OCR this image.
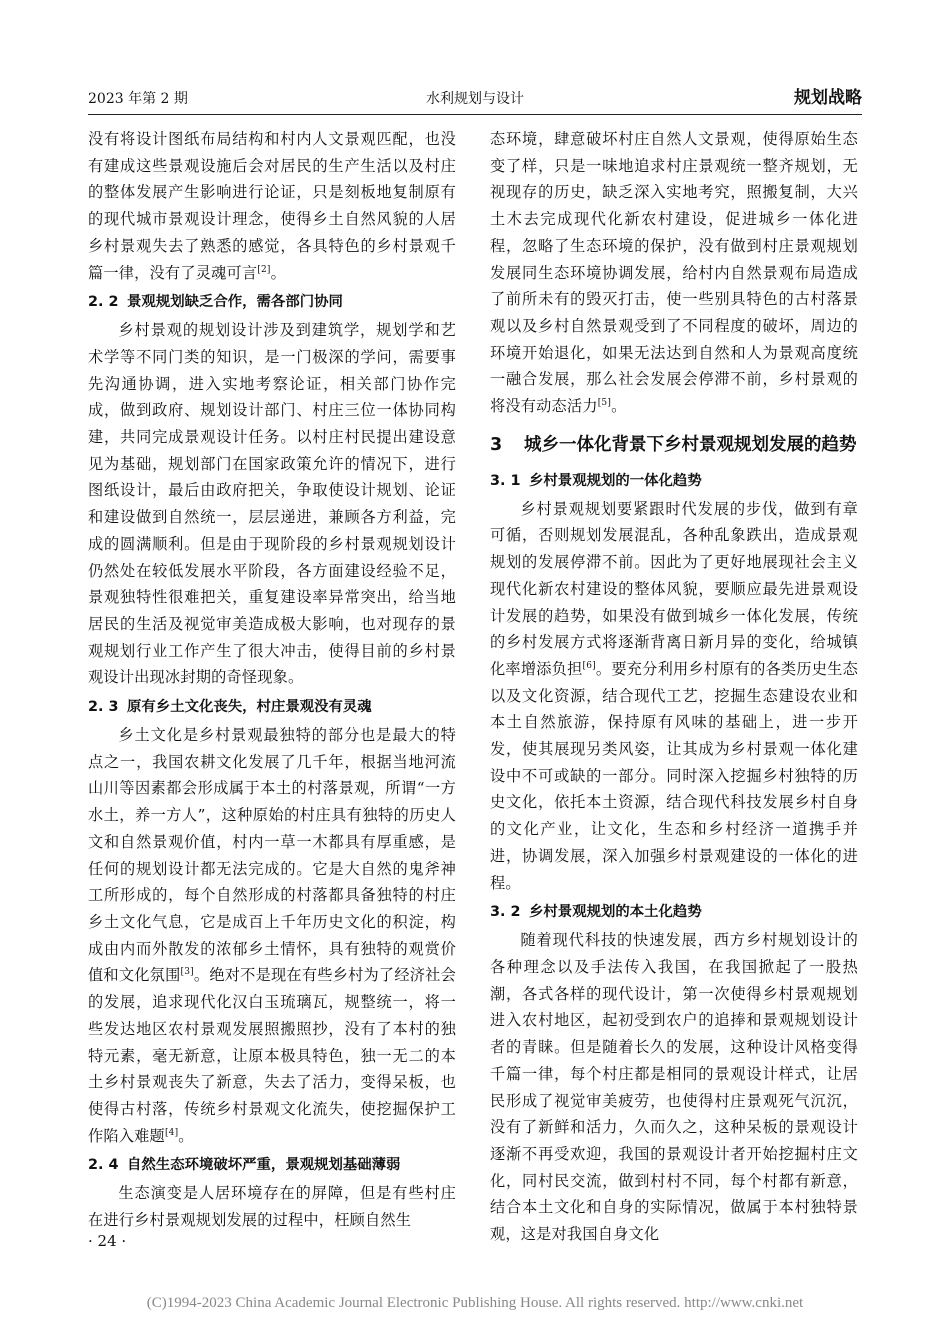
2023 年第 2 期	水利规划与设计	规划战略

没有将设计图纸布局结构和村内人文景观匹配，也没有建成这些景观设施后会对居民的生产生活以及村庄的整体发展产生影响进行论证，只是刻板地复制原有的现代城市景观设计理念，使得乡土自然风貌的人居乡村景观失去了熟悉的感觉，各具特色的乡村景观千篇一律，没有了灵魂可言[2]。

2. 2 景观规划缺乏合作，需各部门协同

乡村景观的规划设计涉及到建筑学，规划学和艺术学等不同门类的知识，是一门极深的学问，需要事先沟通协调，进入实地考察论证，相关部门协作完成，做到政府、规划设计部门、村庄三位一体协同构建，共同完成景观设计任务。以村庄村民提出建设意见为基础，规划部门在国家政策允许的情况下，进行图纸设计，最后由政府把关，争取使设计规划、论证和建设做到自然统一，层层递进，兼顾各方利益，完成的圆满顺利。但是由于现阶段的乡村景观规划设计仍然处在较低发展水平阶段，各方面建设经验不足，景观独特性很难把关，重复建设率异常突出，给当地居民的生活及视觉审美造成极大影响，也对现存的景观规划行业工作产生了很大冲击，使得目前的乡村景观设计出现冰封期的奇怪现象。

2. 3 原有乡土文化丧失，村庄景观没有灵魂

乡土文化是乡村景观最独特的部分也是最大的特点之一，我国农耕文化发展了几千年，根据当地河流山川等因素都会形成属于本土的村落景观，所谓“一方水土，养一方人”，这种原始的村庄具有独特的历史人文和自然景观价值，村内一草一木都具有厚重感，是任何的规划设计都无法完成的。它是大自然的鬼斧神工所形成的，每个自然形成的村落都具备独特的村庄乡土文化气息，它是成百上千年历史文化的积淀，构成由内而外散发的浓郁乡土情怀，具有独特的观赏价值和文化氛围[3]。绝对不是现在有些乡村为了经济社会的发展，追求现代化汉白玉琉璃瓦，规整统一，将一些发达地区农村景观发展照搬照抄，没有了本村的独特元素，毫无新意，让原本极具特色，独一无二的本土乡村景观丧失了新意，失去了活力，变得呆板，也使得古村落，传统乡村景观文化流失，使挖掘保护工作陷入难题[4]。

2. 4 自然生态环境破坏严重，景观规划基础薄弱

生态演变是人居环境存在的屏障，但是有些村庄在进行乡村景观规划发展的过程中，枉顾自然生

态环境，肆意破坏村庄自然人文景观，使得原始生态变了样，只是一味地追求村庄景观统一整齐规划，无视现存的历史，缺乏深入实地考究，照搬复制，大兴土木去完成现代化新农村建设，促进城乡一体化进程，忽略了生态环境的保护，没有做到村庄景观规划发展同生态环境协调发展，给村内自然景观布局造成了前所未有的毁灭打击，使一些别具特色的古村落景观以及乡村自然景观受到了不同程度的破坏，周边的环境开始退化，如果无法达到自然和人为景观高度统一融合发展，那么社会发展会停滞不前，乡村景观的将没有动态活力[5]。

3 城乡一体化背景下乡村景观规划发展的趋势
3. 1 乡村景观规划的一体化趋势

乡村景观规划要紧跟时代发展的步伐，做到有章可循，否则规划发展混乱，各种乱象跌出，造成景观规划的发展停滞不前。因此为了更好地展现社会主义现代化新农村建设的整体风貌，要顺应最先进景观设计发展的趋势，如果没有做到城乡一体化发展，传统的乡村发展方式将逐渐背离日新月异的变化，给城镇化率增添负担[6]。要充分利用乡村原有的各类历史生态以及文化资源，结合现代工艺，挖掘生态建设农业和本土自然旅游，保持原有风味的基础上，进一步开发，使其展现另类风姿，让其成为乡村景观一体化建设中不可或缺的一部分。同时深入挖掘乡村独特的历史文化，依托本土资源，结合现代科技发展乡村自身的文化产业，让文化，生态和乡村经济一道携手并进，协调发展，深入加强乡村景观建设的一体化的进程。

3. 2 乡村景观规划的本土化趋势

随着现代科技的快速发展，西方乡村规划设计的各种理念以及手法传入我国，在我国掀起了一股热潮，各式各样的现代设计，第一次使得乡村景观规划进入农村地区，起初受到农户的追捧和景观规划设计者的青睐。但是随着长久的发展，这种设计风格变得千篇一律，每个村庄都是相同的景观设计样式，让居民形成了视觉审美疲劳，也使得村庄景观死气沉沉，没有了新鲜和活力，久而久之，这种呆板的景观设计逐渐不再受欢迎，我国的景观设计者开始挖掘村庄文化，同村民交流，做到村村不同，每个村都有新意，结合本土文化和自身的实际情况，做属于本村独特景观，这是对我国自身文化

· 24 ·
(C)1994-2023 China Academic Journal Electronic Publishing House. All rights reserved. http://www.cnki.net
